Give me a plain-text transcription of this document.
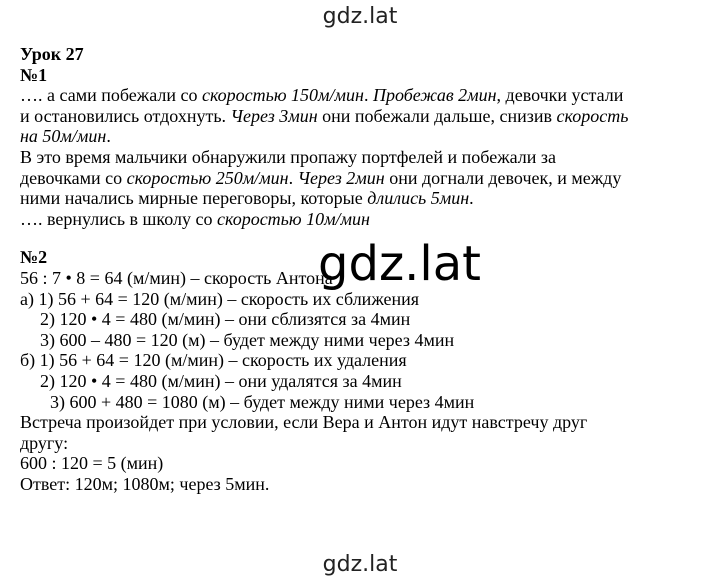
gdz.lat
Урок 27
№1
…. а сами побежали со скоростью 150м/мин. Пробежав 2мин, девочки устали
и остановились отдохнуть. Через 3мин они побежали дальше, снизив скорость
на 50м/мин.
В это время мальчики обнаружили пропажу портфелей и побежали за
девочками со скоростью 250м/мин. Через 2мин они догнали девочек, и между
ними начались мирные переговоры, которые длились 5мин.
…. вернулись в школу со скоростью 10м/мин
№2
56 : 7 • 8 = 64 (м/мин) – скорость Антона
а) 1) 56 + 64 = 120 (м/мин) – скорость их сближения
2) 120 • 4 = 480 (м/мин) – они сблизятся за 4мин
3) 600 – 480 = 120 (м) – будет между ними через 4мин
б) 1) 56 + 64 = 120 (м/мин) – скорость их удаления
2) 120 • 4 = 480 (м/мин) – они удалятся за 4мин
3) 600 + 480 = 1080 (м) – будет между ними через 4мин
Встреча произойдет при условии, если Вера и Антон идут навстречу друг
другу:
600 : 120 = 5 (мин)
Ответ: 120м; 1080м; через 5мин.
gdz.lat
gdz.lat
